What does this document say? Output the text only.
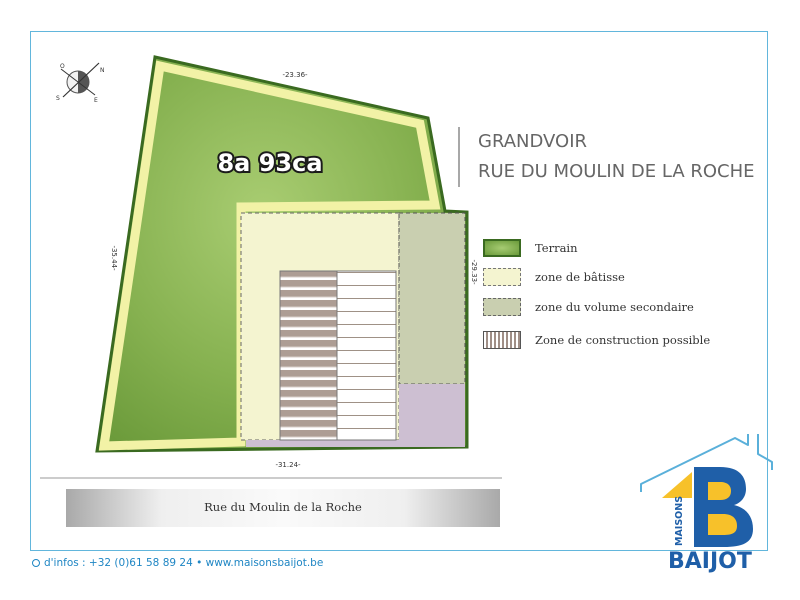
8a 93ca
-23.36-
-35.44-
-29.33-
-31.24-
N
S	E
O
GRANDVOIR
RUE DU MOULIN DE LA ROCHE
Terrain
zone de bâtisse
zone du volume secondaire
Zone de construction possible
Rue du Moulin de la Roche
d'infos : +32 (0)61 58 89 24 • www.maisonsbaijot.be
MAISONS
BAIJOT
